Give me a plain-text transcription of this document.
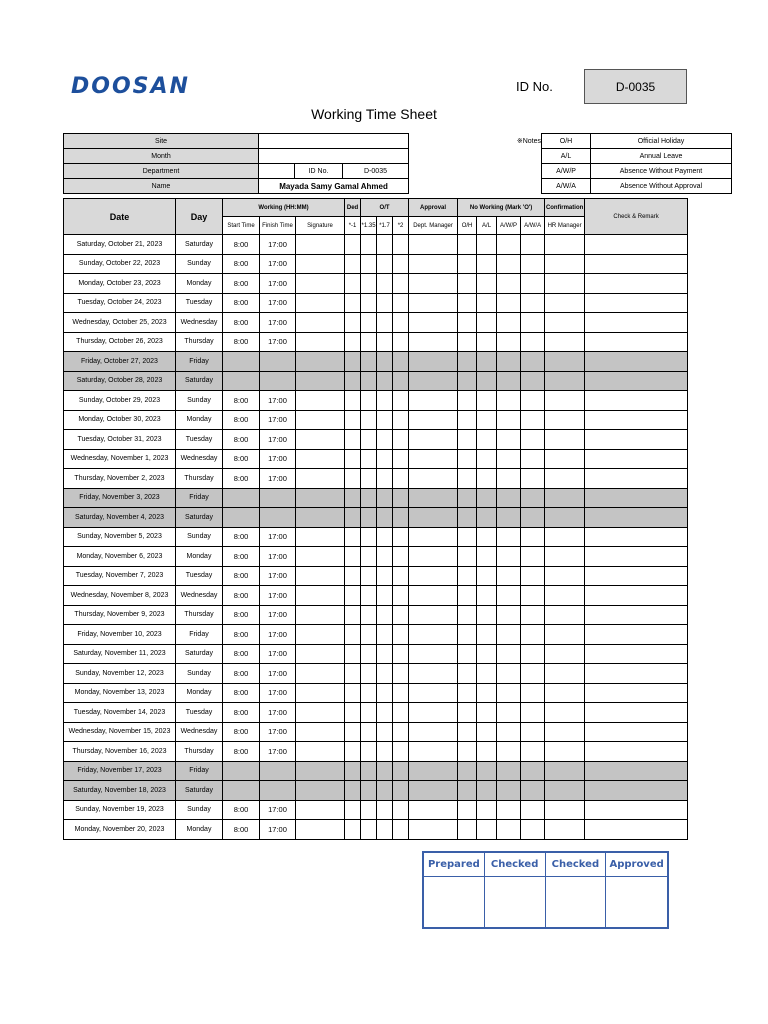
DOOSAN	ID No.	D-0035
Working Time Sheet
Site					※Notes	O/H	Official Holiday
Month						A/L	Annual Leave
Department		ID No.	D-0035			A/W/P	Absence Without Payment
Name	Mayada Samy Gamal Ahmed					A/W/A	Absence Without Approval
Date	Day	Working (HH:MM)			Ded	O/T			Approval	No Working (Mark 'O')				Confirmation	Check & Remark
		Start Time	Finish Time	Signature	*-1	*1.35	*1.7	*2	Dept. Manager	O/H	A/L	A/W/P	A/W/A	HR Manager	
Saturday, October 21, 2023	Saturday	8:00	17:00												
Sunday, October 22, 2023	Sunday	8:00	17:00												
Monday, October 23, 2023	Monday	8:00	17:00												
Tuesday, October 24, 2023	Tuesday	8:00	17:00												
Wednesday, October 25, 2023	Wednesday	8:00	17:00												
Thursday, October 26, 2023	Thursday	8:00	17:00												
Friday, October 27, 2023	Friday														
Saturday, October 28, 2023	Saturday														
Sunday, October 29, 2023	Sunday	8:00	17:00												
Monday, October 30, 2023	Monday	8:00	17:00												
Tuesday, October 31, 2023	Tuesday	8:00	17:00												
Wednesday, November 1, 2023	Wednesday	8:00	17:00												
Thursday, November 2, 2023	Thursday	8:00	17:00												
Friday, November 3, 2023	Friday														
Saturday, November 4, 2023	Saturday														
Sunday, November 5, 2023	Sunday	8:00	17:00												
Monday, November 6, 2023	Monday	8:00	17:00												
Tuesday, November 7, 2023	Tuesday	8:00	17:00												
Wednesday, November 8, 2023	Wednesday	8:00	17:00												
Thursday, November 9, 2023	Thursday	8:00	17:00												
Friday, November 10, 2023	Friday	8:00	17:00												
Saturday, November 11, 2023	Saturday	8:00	17:00												
Sunday, November 12, 2023	Sunday	8:00	17:00												
Monday, November 13, 2023	Monday	8:00	17:00												
Tuesday, November 14, 2023	Tuesday	8:00	17:00												
Wednesday, November 15, 2023	Wednesday	8:00	17:00												
Thursday, November 16, 2023	Thursday	8:00	17:00												
Friday, November 17, 2023	Friday														
Saturday, November 18, 2023	Saturday														
Sunday, November 19, 2023	Sunday	8:00	17:00												
Monday, November 20, 2023	Monday	8:00	17:00												
Prepared	Checked	Checked	Approved
